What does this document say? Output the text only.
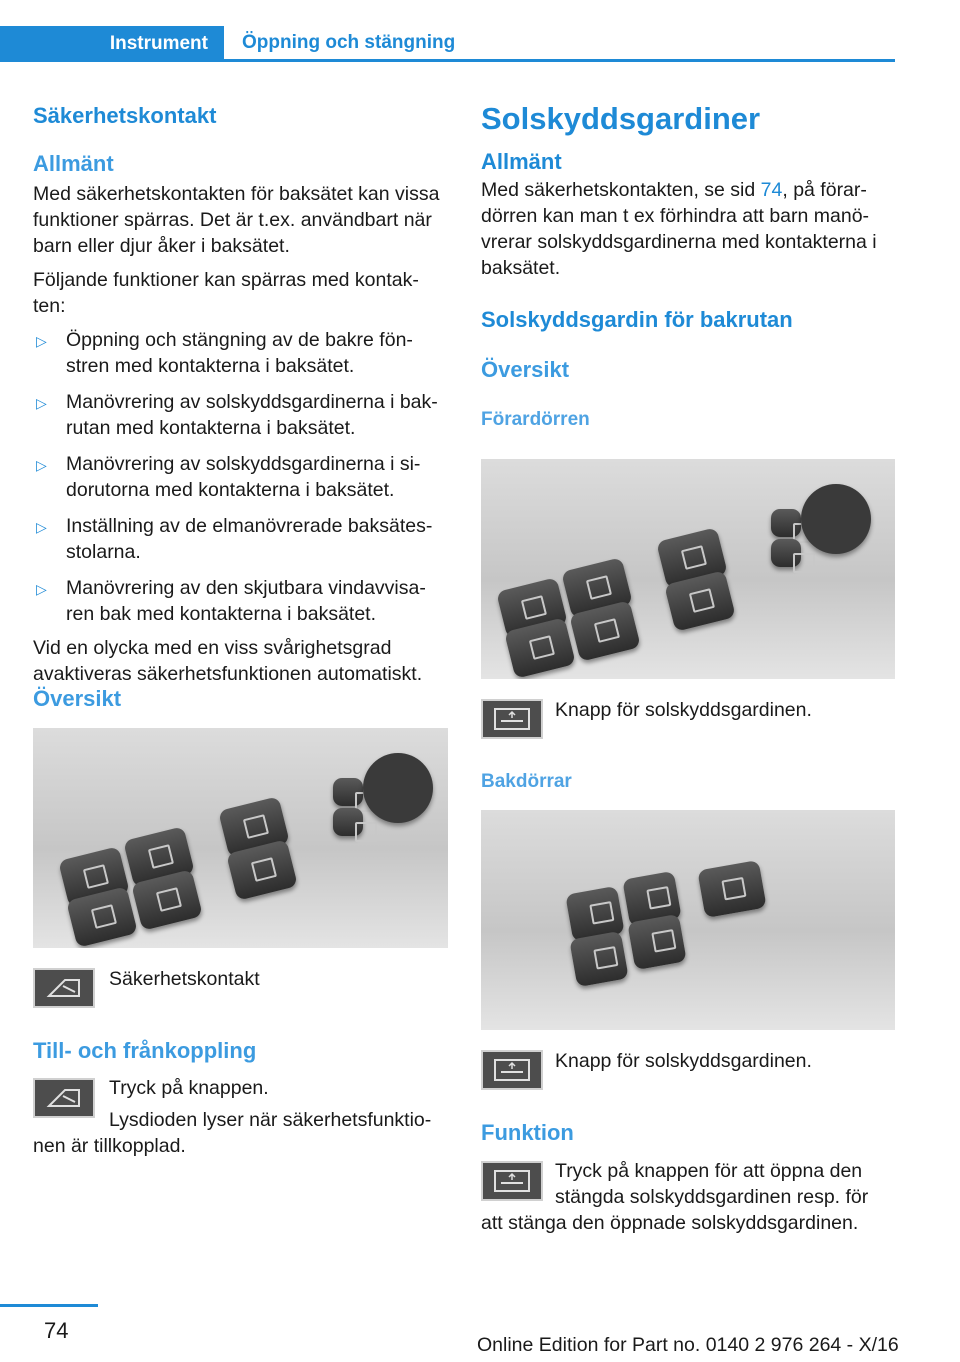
Instrument	Öppning och stängning
Säkerhetskontakt
Allmänt

Med säkerhetskontakten för baksätet kan vissa funktioner spärras. Det är t.ex. användbart när barn eller djur åker i baksätet.

Följande funktioner kan spärras med kontak‐ten:

▷ Öppning och stängning av de bakre fön‐stren med kontakterna i baksätet.
▷ Manövrering av solskyddsgardinerna i bak‐rutan med kontakterna i baksätet.
▷ Manövrering av solskyddsgardinerna i si‐dorutorna med kontakterna i baksätet.
▷ Inställning av de elmanövrerade baksätes‐stolarna.
▷ Manövrering av den skjutbara vindavvisa‐ren bak med kontakterna i baksätet.

Vid en olycka med en viss svårighetsgrad avaktiveras säkerhetsfunktionen automatiskt.

Översikt
Säkerhetskontakt
Till- och frånkoppling
Tryck på knappen.
Lysdioden lyser när säkerhetsfunktio‐
nen är tillkopplad.
Solskyddsgardiner
Allmänt

Med säkerhetskontakten, se sid 74, på förar‐dörren kan man t ex förhindra att barn manö‐vrerar solskyddsgardinerna med kontakterna i baksätet.

Solskyddsgardin för bakrutan
Översikt
Förardörren
Knapp för solskyddsgardinen.
Bakdörrar
Knapp för solskyddsgardinen.
Funktion
Tryck på knappen för att öppna den
stängda solskyddsgardinen resp. för
att stänga den öppnade solskyddsgardinen.
74
Online Edition for Part no. 0140 2 976 264 - X/16
